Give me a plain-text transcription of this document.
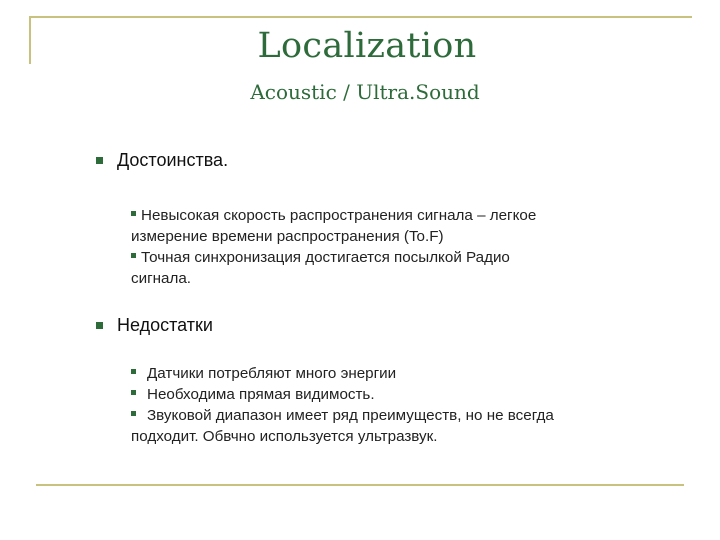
Localization
Acoustic / Ultra.Sound
Достоинства.
Невысокая скорость распространения сигнала – легкое
измерение времени распространения (To.F)
Точная синхронизация достигается посылкой Радио
сигнала.
Недостатки
Датчики потребляют много энергии
Необходима прямая видимость.
Звуковой диапазон имеет ряд преимуществ, но не всегда
подходит. Обвчно используется ультразвук.
